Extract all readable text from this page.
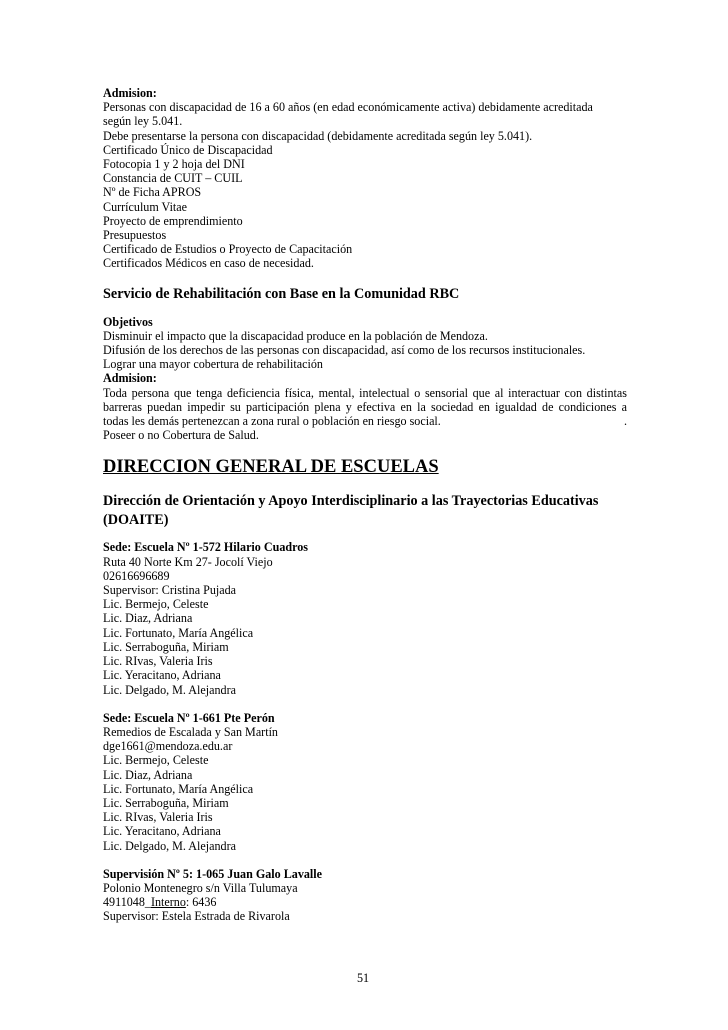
Admision:
Personas con discapacidad de 16 a 60 años (en edad económicamente activa) debidamente acreditada
según ley 5.041.
Debe presentarse la persona con discapacidad (debidamente acreditada según ley 5.041).
Certificado Único de Discapacidad
Fotocopia 1 y 2 hoja del DNI
Constancia de CUIT – CUIL
Nº de Ficha APROS
Currículum Vitae
Proyecto de emprendimiento
Presupuestos
Certificado de Estudios o Proyecto de Capacitación
Certificados Médicos en caso de necesidad.
Servicio de Rehabilitación con Base en la Comunidad RBC
Objetivos
Disminuir el impacto que la discapacidad produce en la población de Mendoza.
Difusión de los derechos de las personas con discapacidad, así como de los recursos institucionales.
Lograr una mayor cobertura de rehabilitación
Admision:
Toda persona que tenga deficiencia física, mental, intelectual o sensorial que al interactuar con distintas
barreras puedan impedir su participación plena y efectiva en la sociedad en igualdad de condiciones a
todas les demás pertenezcan a zona rural o población en riesgo social.	.
Poseer o no Cobertura de Salud.
DIRECCION GENERAL DE ESCUELAS
Dirección de Orientación y Apoyo Interdisciplinario a las Trayectorias Educativas
(DOAITE)
Sede: Escuela Nº 1-572 Hilario Cuadros
Ruta 40 Norte Km 27- Jocolí Viejo
02616696689
Supervisor: Cristina Pujada
Lic. Bermejo, Celeste
Lic. Diaz, Adriana
Lic. Fortunato, María Angélica
Lic. Serraboguña, Miriam
Lic. RIvas, Valeria Iris
Lic. Yeracitano, Adriana
Lic. Delgado, M. Alejandra
Sede: Escuela Nº 1-661 Pte Perón
Remedios de Escalada y San Martín
dge1661@mendoza.edu.ar
Lic. Bermejo, Celeste
Lic. Diaz, Adriana
Lic. Fortunato, María Angélica
Lic. Serraboguña, Miriam
Lic. RIvas, Valeria Iris
Lic. Yeracitano, Adriana
Lic. Delgado, M. Alejandra
Supervisión Nº 5: 1-065 Juan Galo Lavalle
Polonio Montenegro s/n Villa Tulumaya
4911048_Interno: 6436
Supervisor: Estela Estrada de Rivarola
51
